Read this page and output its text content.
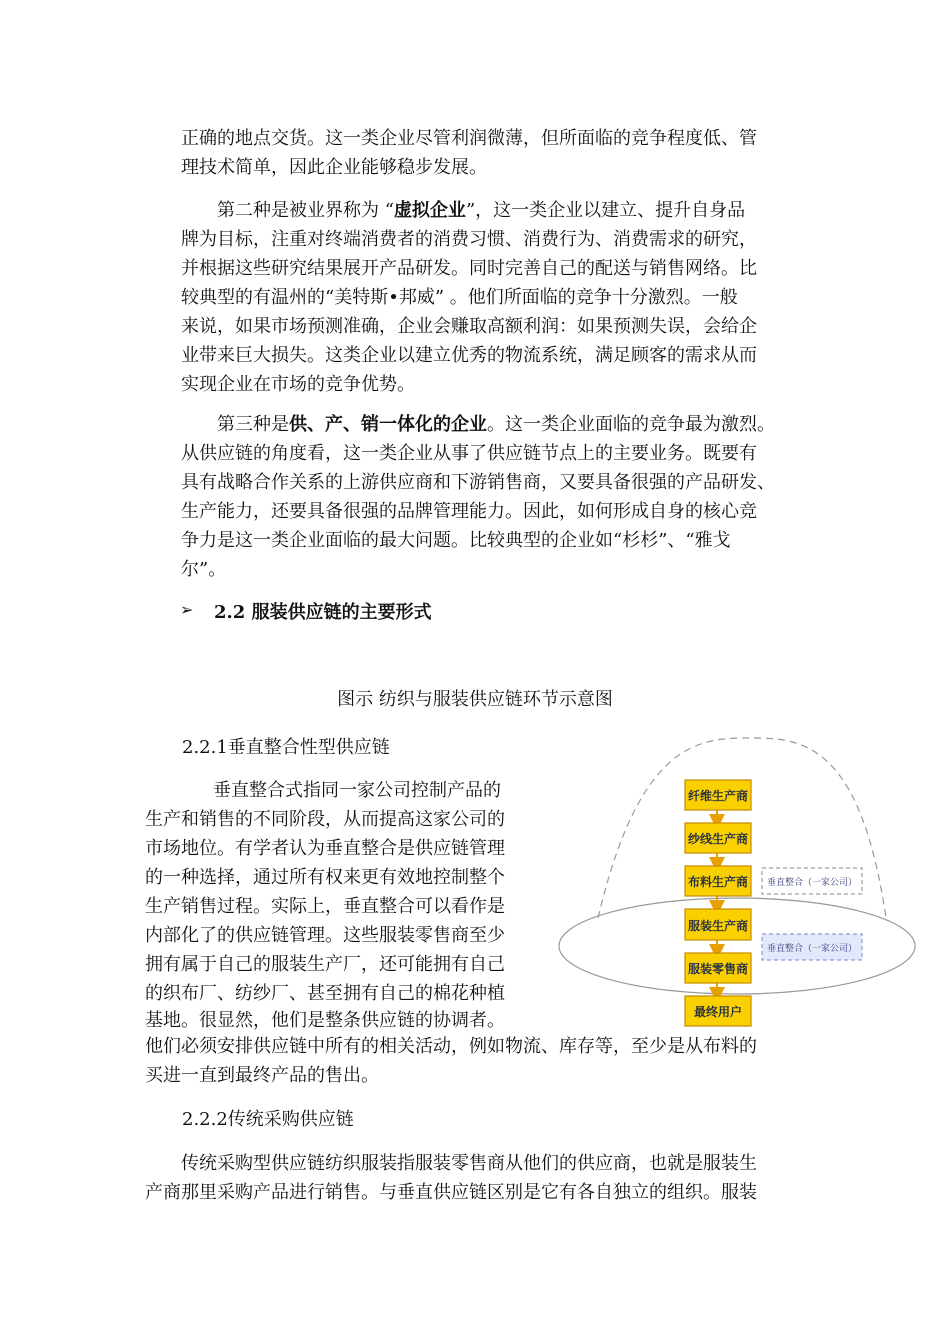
正确的地点交货。这一类企业尽管利润微薄，但所面临的竞争程度低、管

理技术简单，因此企业能够稳步发展。

第二种是被业界称为 “虚拟企业”，这一类企业以建立、提升自身品

牌为目标，注重对终端消费者的消费习惯、消费行为、消费需求的研究，

并根据这些研究结果展开产品研发。同时完善自己的配送与销售网络。比

较典型的有温州的“美特斯•邦威” 。他们所面临的竞争十分激烈。一般

来说，如果市场预测准确，企业会赚取高额利润：如果预测失误，会给企

业带来巨大损失。这类企业以建立优秀的物流系统，满足顾客的需求从而

实现企业在市场的竞争优势。

第三种是供、产、销一体化的企业。这一类企业面临的竞争最为激烈。

从供应链的角度看，这一类企业从事了供应链节点上的主要业务。既要有

具有战略合作关系的上游供应商和下游销售商，又要具备很强的产品研发、

生产能力，还要具备很强的品牌管理能力。因此，如何形成自身的核心竞

争力是这一类企业面临的最大问题。比较典型的企业如“杉杉”、“雅戈

尔”。

➢ 2.2 服装供应链的主要形式
图示 纺织与服装供应链环节示意图
2.2.1垂直整合性型供应链

垂直整合式指同一家公司控制产品的

生产和销售的不同阶段，从而提高这家公司的

市场地位。有学者认为垂直整合是供应链管理

的一种选择，通过所有权来更有效地控制整个

生产销售过程。实际上，垂直整合可以看作是

内部化了的供应链管理。这些服装零售商至少

拥有属于自己的服装生产厂，还可能拥有自己

的织布厂、纺纱厂、甚至拥有自己的棉花种植

基地。很显然，他们是整条供应链的协调者。

他们必须安排供应链中所有的相关活动，例如物流、库存等，至少是从布料的

买进一直到最终产品的售出。

2.2.2传统采购供应链

传统采购型供应链纺织服装指服装零售商从他们的供应商，也就是服装生

产商那里采购产品进行销售。与垂直供应链区别是它有各自独立的组织。服装

纤维生产商
纱线生产商
布料生产商
服装生产商
服装零售商
最终用户
垂直整合（一家公司）
垂直整合（一家公司）
